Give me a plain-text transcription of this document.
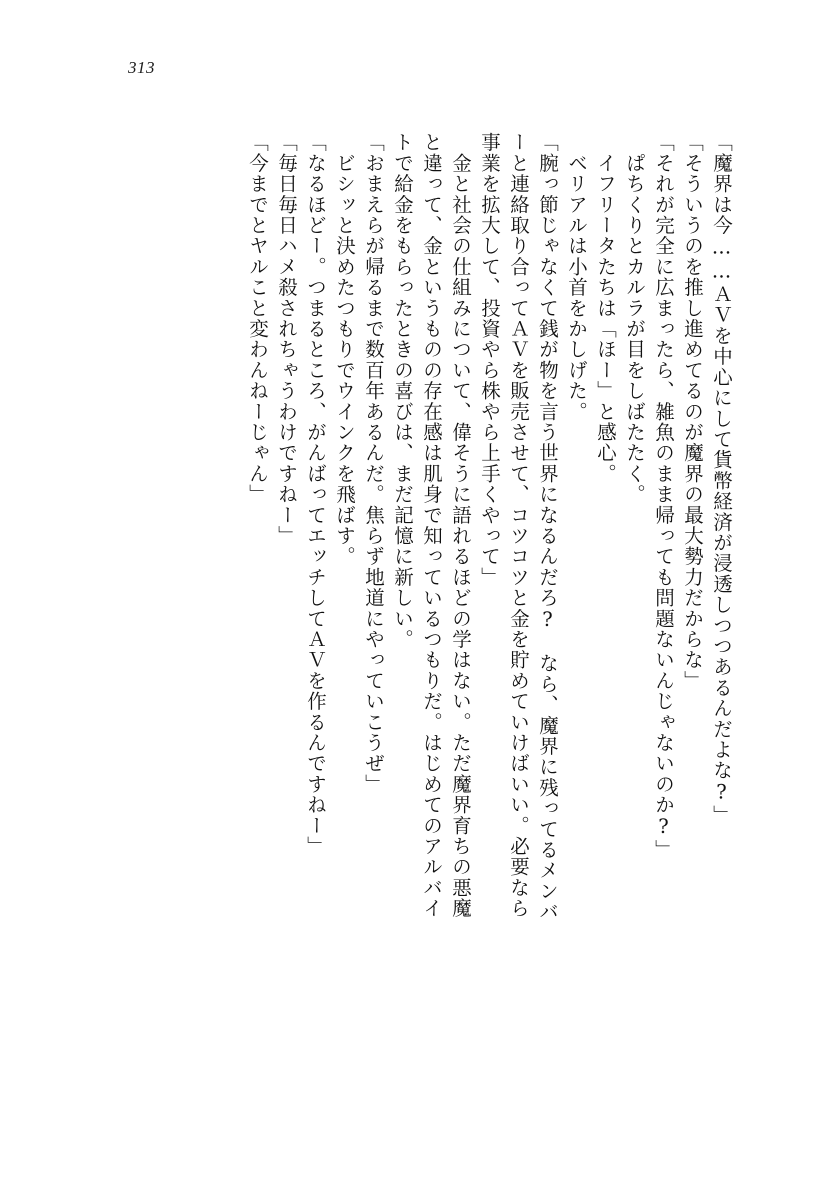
313
「魔界は今……ＡＶを中心にして貨幣経済が浸透しつつあるんだよな?」
「そういうのを推し進めてるのが魔界の最大勢力だからな」
「それが完全に広まったら、雑魚のまま帰っても問題ないんじゃないのか?」
　ぱちくりとカルラが目をしばたたく。
　イフリータたちは「ほー」と感心。
　ベリアルは小首をかしげた。
「腕っ節じゃなくて銭が物を言う世界になるんだろ?　なら、魔界に残ってるメンバ
ーと連絡取り合ってＡＶを販売させて、コツコツと金を貯めていけばいい。必要なら
事業を拡大して、投資やら株やら上手くやって」
　金と社会の仕組みについて、偉そうに語れるほどの学はない。ただ魔界育ちの悪魔
と違って、金というものの存在感は肌身で知っているつもりだ。はじめてのアルバイ
トで給金をもらったときの喜びは、まだ記憶に新しい。
「おまえらが帰るまで数百年あるんだ。焦らず地道にやっていこうぜ」
　ビシッと決めたつもりでウインクを飛ばす。
「なるほどー。つまるところ、がんばってエッチしてＡＶを作るんですねー」
「毎日毎日ハメ殺されちゃうわけですねー」
「今までとヤルこと変わんねーじゃん」
